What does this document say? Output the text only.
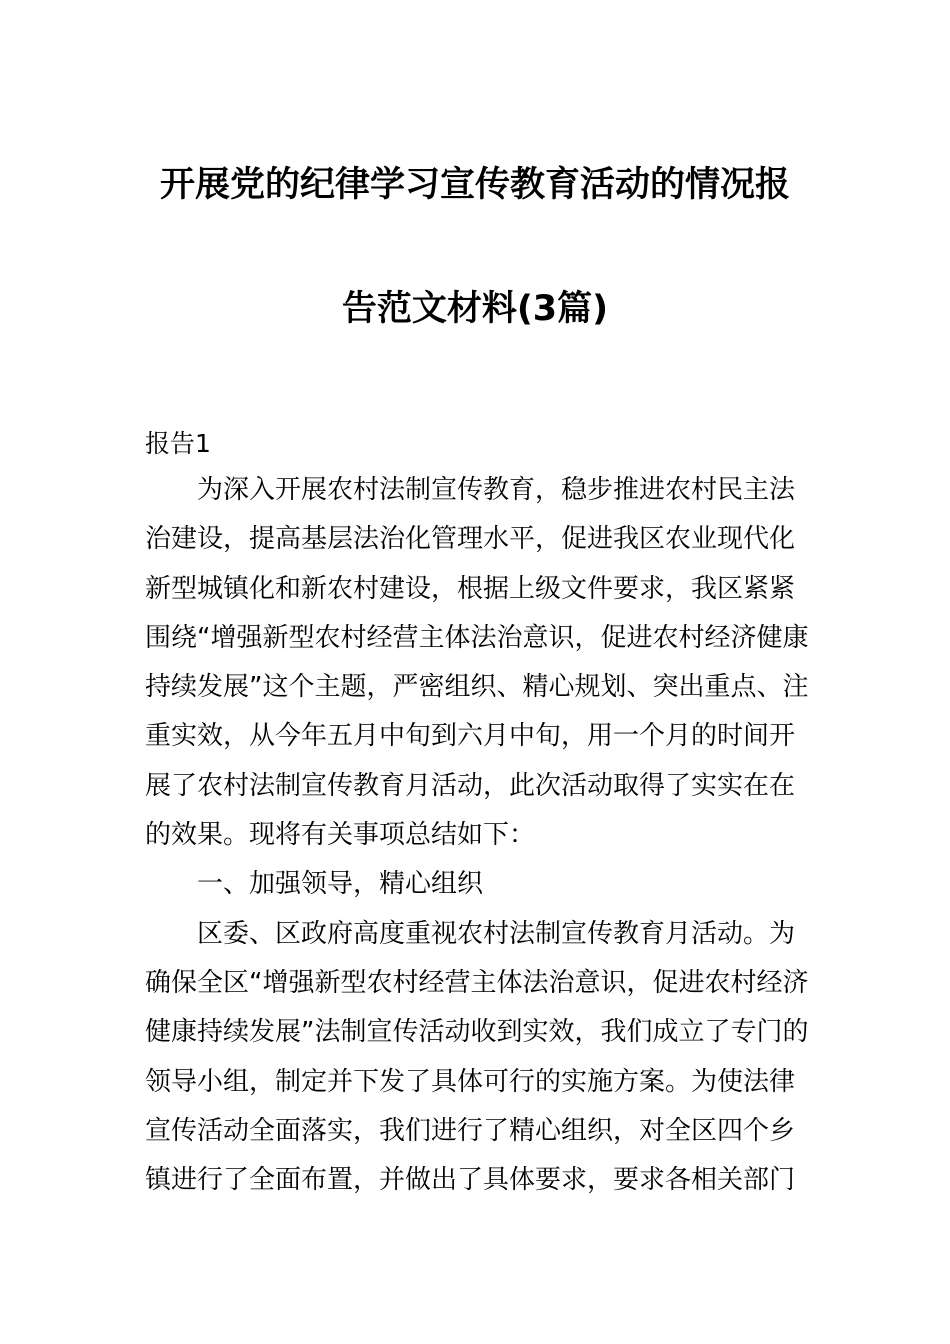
开展党的纪律学习宣传教育活动的情况报
告范文材料(3篇)
报告1
为深入开展农村法制宣传教育，稳步推进农村民主法
治建设，提高基层法治化管理水平，促进我区农业现代化
新型城镇化和新农村建设，根据上级文件要求，我区紧紧
围绕“增强新型农村经营主体法治意识，促进农村经济健康
持续发展”这个主题，严密组织、精心规划、突出重点、注
重实效，从今年五月中旬到六月中旬，用一个月的时间开
展了农村法制宣传教育月活动，此次活动取得了实实在在
的效果。现将有关事项总结如下：
一、加强领导，精心组织
区委、区政府高度重视农村法制宣传教育月活动。为
确保全区“增强新型农村经营主体法治意识，促进农村经济
健康持续发展”法制宣传活动收到实效，我们成立了专门的
领导小组，制定并下发了具体可行的实施方案。为使法律
宣传活动全面落实，我们进行了精心组织，对全区四个乡
镇进行了全面布置，并做出了具体要求，要求各相关部门
